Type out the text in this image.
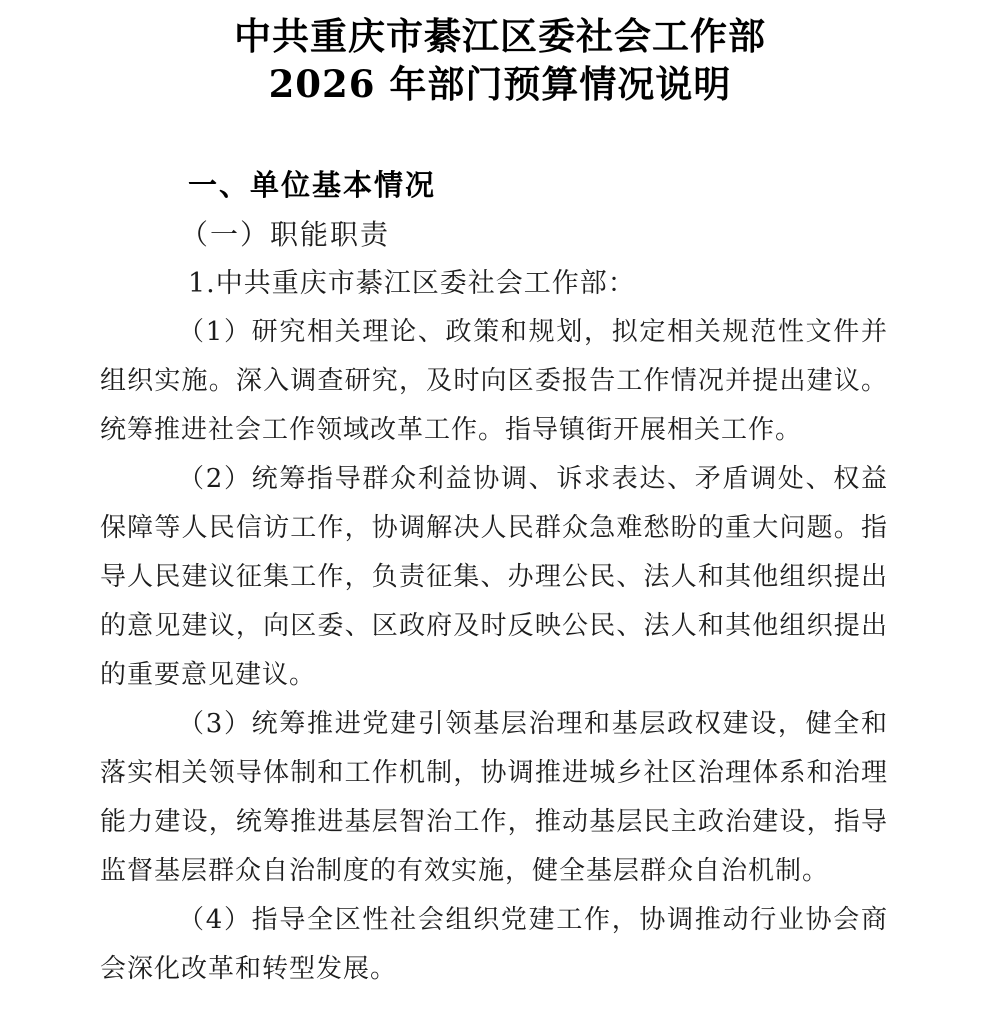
中共重庆市綦江区委社会工作部
2026 年部门预算情况说明
一、单位基本情况
（一）职能职责
1.中共重庆市綦江区委社会工作部：

（1）研究相关理论、政策和规划，拟定相关规范性文件并组织实施。深入调查研究，及时向区委报告工作情况并提出建议。统筹推进社会工作领域改革工作。指导镇街开展相关工作。

（2）统筹指导群众利益协调、诉求表达、矛盾调处、权益保障等人民信访工作，协调解决人民群众急难愁盼的重大问题。指导人民建议征集工作，负责征集、办理公民、法人和其他组织提出的意见建议，向区委、区政府及时反映公民、法人和其他组织提出的重要意见建议。

（3）统筹推进党建引领基层治理和基层政权建设，健全和落实相关领导体制和工作机制，协调推进城乡社区治理体系和治理能力建设，统筹推进基层智治工作，推动基层民主政治建设，指导监督基层群众自治制度的有效实施，健全基层群众自治机制。

（4）指导全区性社会组织党建工作，协调推动行业协会商会深化改革和转型发展。
